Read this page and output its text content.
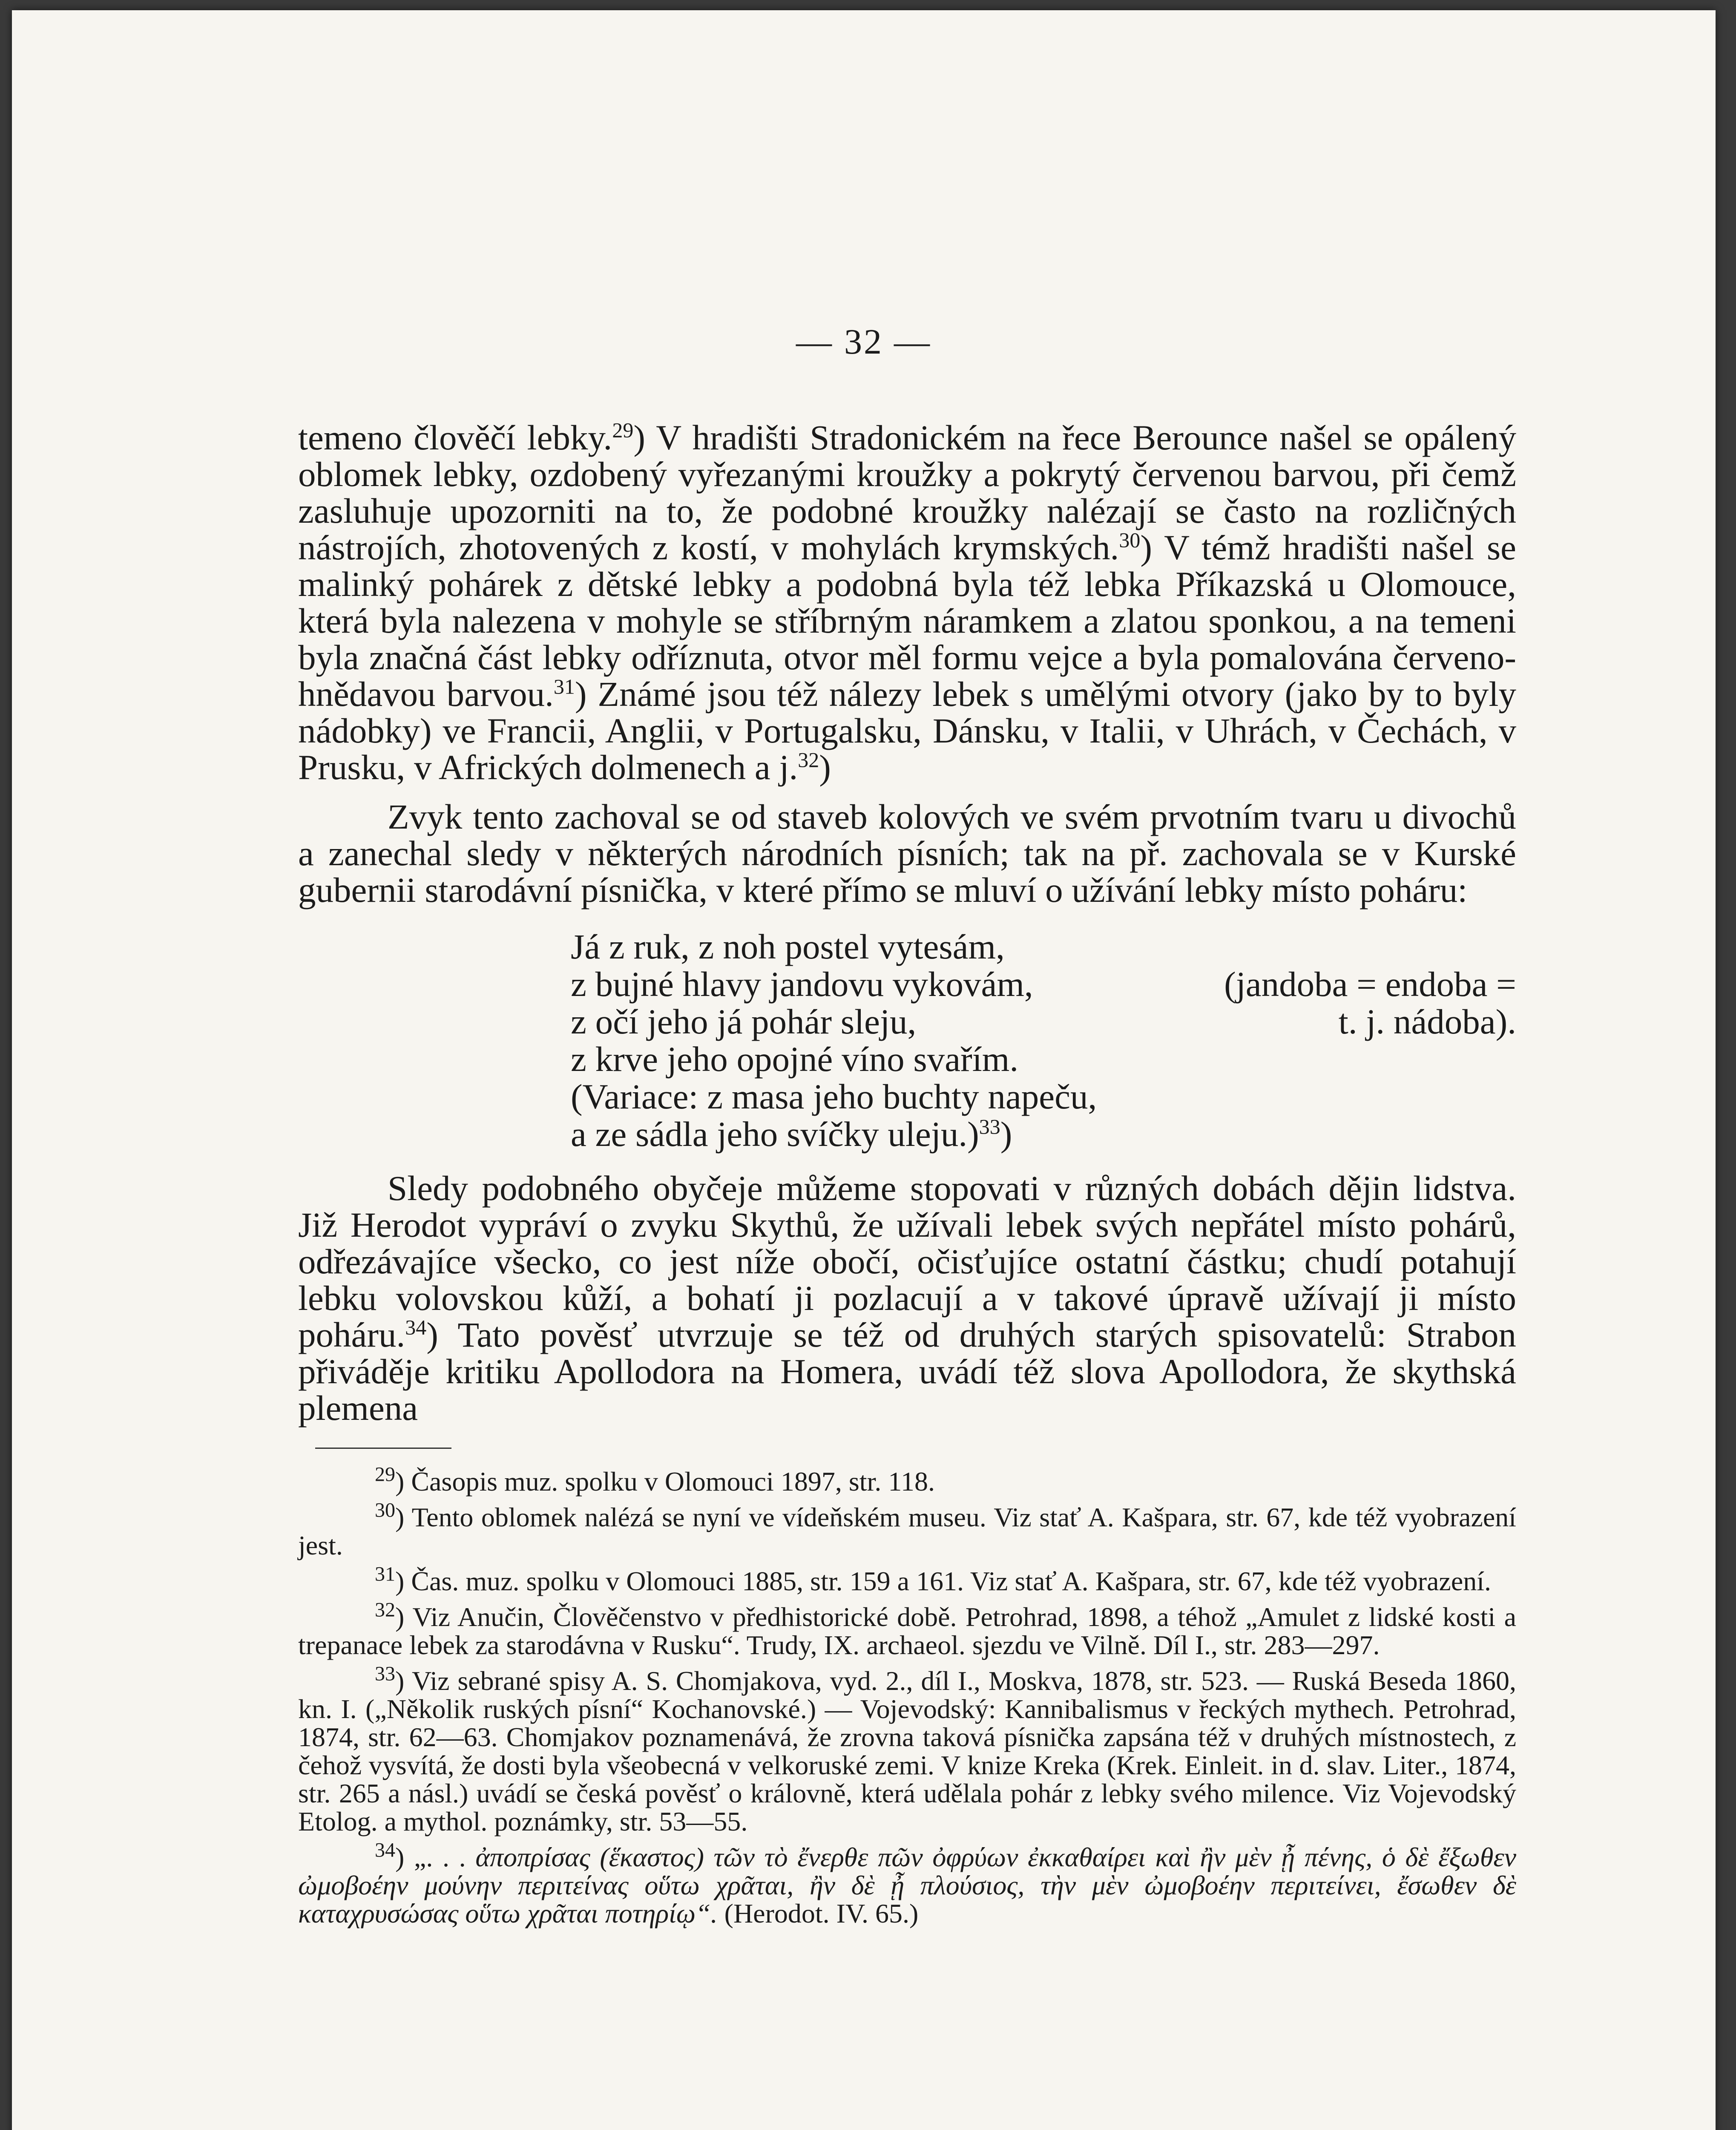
— 32 —

temeno člověčí lebky.$^{29}$) V hradišti Stradonickém na řece Berounce našel se opálený oblomek lebky, ozdobený vyřezanými kroužky a pokrytý červenou barvou, při čemž zasluhuje upozorniti na to, že podobné kroužky nalézají se často na rozličných nástrojích, zhotovených z kostí, v mohylách krymských.$^{30}$) V témž hradišti našel se malinký pohárek z dětské lebky a podobná byla též lebka Příkazská u Olomouce, která byla nalezena v mohyle se stříbrným náramkem a zlatou sponkou, a na temeni byla značná část lebky odříznuta, otvor měl formu vejce a byla pomalována červeno-hnědavou barvou.$^{31}$) Známé jsou též nálezy lebek s umělými otvory (jako by to byly nádobky) ve Francii, Anglii, v Portugalsku, Dánsku, v Italii, v Uhrách, v Čechách, v Prusku, v Afrických dolmenech a j.$^{32}$)

Zvyk tento zachoval se od staveb kolových ve svém prvotním tvaru u divochů a zanechal sledy v některých národních písních; tak na př. zachovala se v Kurské gubernii starodávní písnička, v které přímo se mluví o užívání lebky místo poháru:

(jandoba = endoba =
t. j. nádoba).

Já z ruk, z noh postel vytesám,

z bujné hlavy jandovu vykovám,

z očí jeho já pohár sleju,

z krve jeho opojné víno svařím.

(Variace: z masa jeho buchty napeču,

a ze sádla jeho svíčky uleju.)$^{33}$)

Sledy podobného obyčeje můžeme stopovati v různých dobách dějin lidstva. Již Herodot vypráví o zvyku Skythů, že užívali lebek svých nepřátel místo pohárů, odřezávajíce všecko, co jest níže obočí, očisťujíce ostatní částku; chudí potahují lebku volovskou kůží, a bohatí ji pozlacují a v takové úpravě užívají ji místo poháru.$^{34}$) Tato pověsť utvrzuje se též od druhých starých spisovatelů: Strabon přiváděje kritiku Apollodora na Homera, uvádí též slova Apollodora, že skythská plemena

$^{29}$) Časopis muz. spolku v Olomouci 1897, str. 118.

$^{30}$) Tento oblomek nalézá se nyní ve vídeňském museu. Viz stať A. Kašpara, str. 67, kde též vyobrazení jest.

$^{31}$) Čas. muz. spolku v Olomouci 1885, str. 159 a 161. Viz stať A. Kašpara, str. 67, kde též vyobrazení.

$^{32}$) Viz Anučin, Člověčenstvo v předhistorické době. Petrohrad, 1898, a téhož „Amulet z lidské kosti a trepanace lebek za starodávna v Rusku“. Trudy, IX. archaeol. sjezdu ve Vilně. Díl I., str. 283—297.

$^{33}$) Viz sebrané spisy A. S. Chomjakova, vyd. 2., díl I., Moskva, 1878, str. 523. — Ruská Beseda 1860, kn. I. („Několik ruských písní“ Kochanovské.) — Vojevodský: Kannibalismus v řeckých mythech. Petrohrad, 1874, str. 62—63. Chomjakov poznamenává, že zrovna taková písnička zapsána též v druhých místnostech, z čehož vysvítá, že dosti byla všeobecná v velkoruské zemi. V knize Kreka (Krek. Einleit. in d. slav. Liter., 1874, str. 265 a násl.) uvádí se česká pověsť o královně, která udělala pohár z lebky svého milence. Viz Vojevodský Etolog. a mythol. poznámky, str. 53—55.

$^{34}$) „. . . ἀποπρίσας (ἕκαστος) τῶν τὸ ἔνερθε πῶν ὀφρύων ἐκκαθαίρει καὶ ἢν μὲν ᾖ πένης, ὁ δὲ ἔξωθεν ὠμοβοέην μούνην περιτείνας οὕτω χρᾶται, ἢν δὲ ᾖ πλούσιος, τὴν μὲν ὠμοβοέην περιτείνει, ἔσωθεν δὲ καταχρυσώσας οὕτω χρᾶται ποτηρίῳ“. (Herodot. IV. 65.)
